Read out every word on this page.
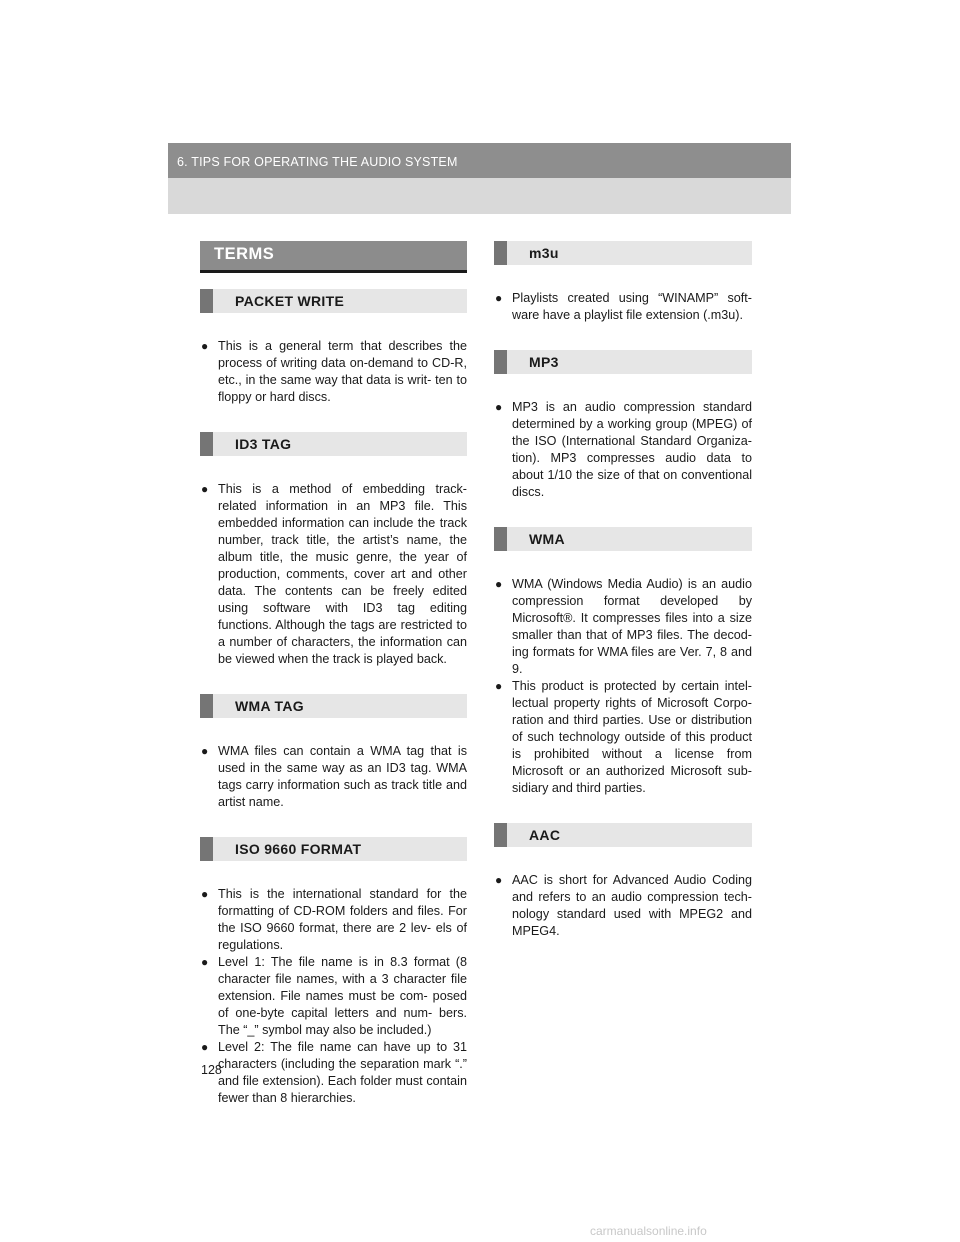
6. TIPS FOR OPERATING THE AUDIO SYSTEM
TERMS
PACKET WRITE
● This is a general term that describes the process of writing data on-demand to CD-R, etc., in the same way that data is writ- ten to floppy or hard discs.
ID3 TAG
● This is a method of embedding track- related information in an MP3 file. This embedded information can include the track number, track title, the artist’s name, the album title, the music genre, the year of production, comments, cover art and other data. The contents can be freely edited using software with ID3 tag editing functions. Although the tags are restricted to a number of characters, the information can be viewed when the track is played back.
WMA TAG
● WMA files can contain a WMA tag that is used in the same way as an ID3 tag. WMA tags carry information such as track title and artist name.
ISO 9660 FORMAT
● This is the international standard for the formatting of CD-ROM folders and files. For the ISO 9660 format, there are 2 lev- els of regulations.
● Level 1: The file name is in 8.3 format (8 character file names, with a 3 character file extension. File names must be com- posed of one-byte capital letters and num- bers. The “_” symbol may also be included.)
● Level 2: The file name can have up to 31 characters (including the separation mark “.” and file extension). Each folder must contain fewer than 8 hierarchies.
m3u
● Playlists created using “WINAMP” soft- ware have a playlist file extension (.m3u).
MP3
● MP3 is an audio compression standard determined by a working group (MPEG) of the ISO (International Standard Organiza- tion). MP3 compresses audio data to about 1/10 the size of that on conventional discs.
WMA
● WMA (Windows Media Audio) is an audio compression format developed by Microsoft®. It compresses files into a size smaller than that of MP3 files. The decod- ing formats for WMA files are Ver. 7, 8 and 9.
● This product is protected by certain intel- lectual property rights of Microsoft Corpo- ration and third parties. Use or distribution of such technology outside of this product is prohibited without a license from Microsoft or an authorized Microsoft sub- sidiary and third parties.
AAC
● AAC is short for Advanced Audio Coding and refers to an audio compression tech- nology standard used with MPEG2 and MPEG4.
128
carmanualsonline.info
